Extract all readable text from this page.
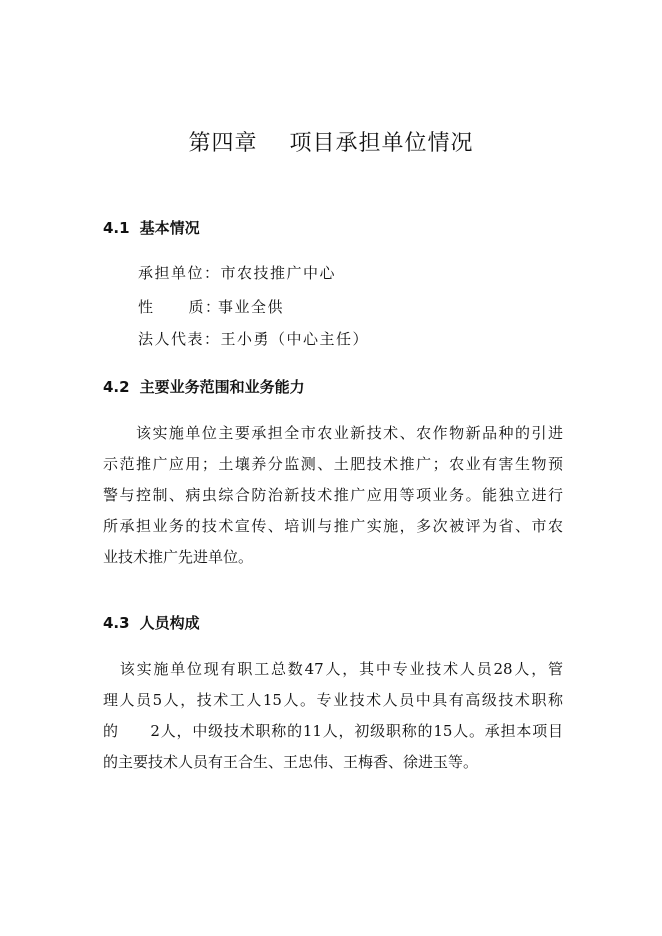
第四章    项目承担单位情况
4.1 基本情况
承担单位：市农技推广中心
性 质：事业全供
法人代表：王小勇（中心主任）
4.2 主要业务范围和业务能力
　　该实施单位主要承担全市农业新技术、农作物新品种的引进
示范推广应用；土壤养分监测、土肥技术推广；农业有害生物预
警与控制、病虫综合防治新技术推广应用等项业务。能独立进行
所承担业务的技术宣传、培训与推广实施，多次被评为省、市农
业技术推广先进单位。
4.3 人员构成
　该实施单位现有职工总数47人，其中专业技术人员28人，管
理人员5人，技术工人15人。专业技术人员中具有高级技术职称
的　　2人，中级技术职称的11人，初级职称的15人。承担本项目
的主要技术人员有王合生、王忠伟、王梅香、徐进玉等。
